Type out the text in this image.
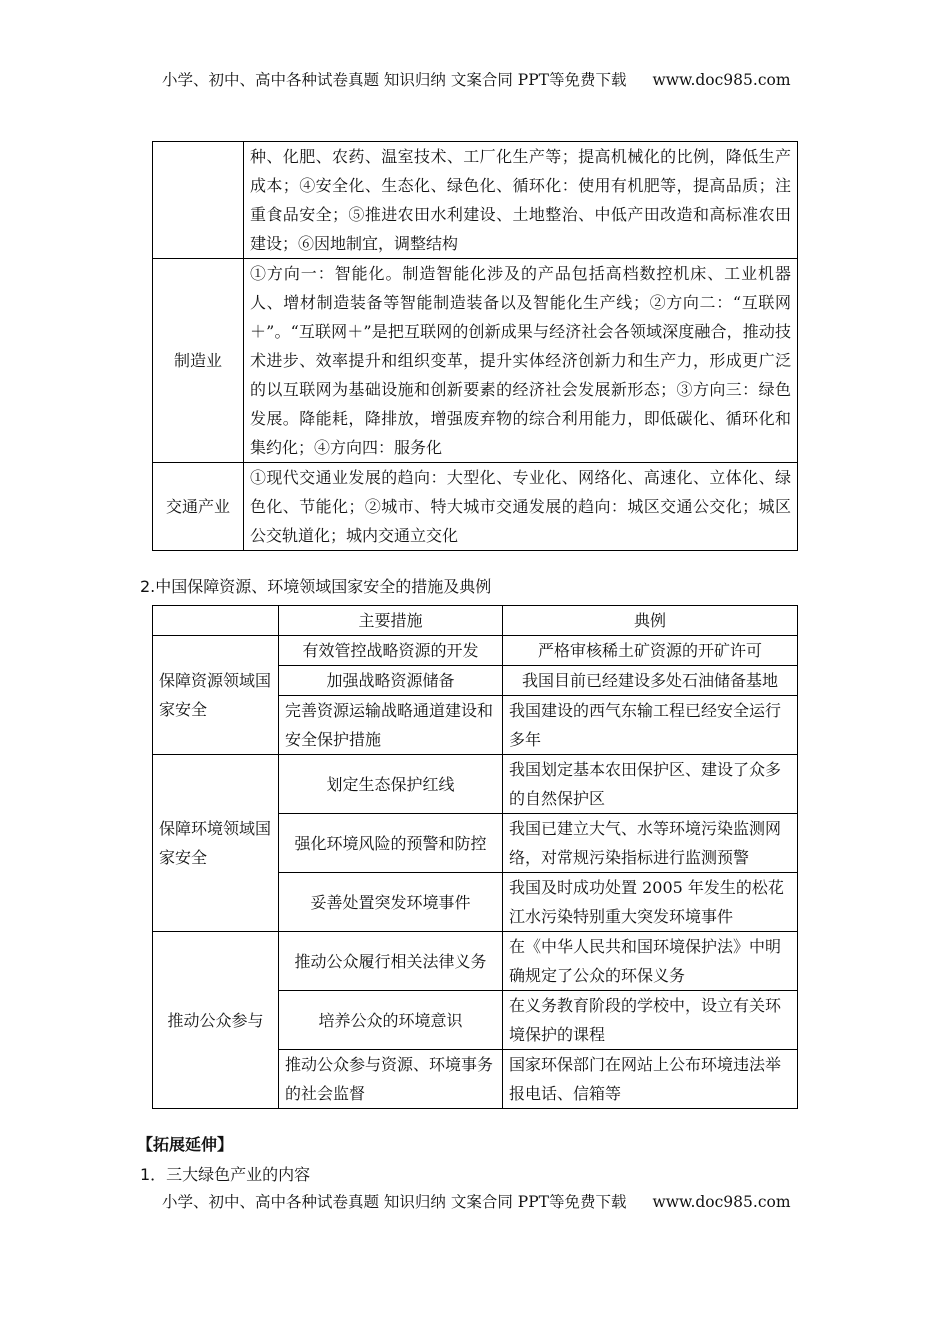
小学、初中、高中各种试卷真题 知识归纳 文案合同 PPT等免费下载 www.doc985.com
	种、化肥、农药、温室技术、工厂化生产等；提高机械化的比例，降低生产成本；④安全化、生态化、绿色化、循环化：使用有机肥等，提高品质；注重食品安全；⑤推进农田水利建设、土地整治、中低产田改造和高标准农田建设；⑥因地制宜，调整结构
制造业	①方向一：智能化。制造智能化涉及的产品包括高档数控机床、工业机器人、增材制造装备等智能制造装备以及智能化生产线；②方向二：“互联网＋”。“互联网＋”是把互联网的创新成果与经济社会各领域深度融合，推动技术进步、效率提升和组织变革，提升实体经济创新力和生产力，形成更广泛的以互联网为基础设施和创新要素的经济社会发展新形态；③方向三：绿色发展。降能耗，降排放，增强废弃物的综合利用能力，即低碳化、循环化和集约化；④方向四：服务化
交通产业	①现代交通业发展的趋向：大型化、专业化、网络化、高速化、立体化、绿色化、节能化；②城市、特大城市交通发展的趋向：城区交通公交化；城区公交轨道化；城内交通立交化
2.中国保障资源、环境领域国家安全的措施及典例
	主要措施	典例
保障资源领域国家安全	有效管控战略资源的开发	严格审核稀土矿资源的开矿许可
	加强战略资源储备	我国目前已经建设多处石油储备基地
	完善资源运输战略通道建设和安全保护措施	我国建设的西气东输工程已经安全运行多年
保障环境领域国家安全	划定生态保护红线	我国划定基本农田保护区、建设了众多的自然保护区
	强化环境风险的预警和防控	我国已建立大气、水等环境污染监测网络，对常规污染指标进行监测预警
	妥善处置突发环境事件	我国及时成功处置 2005 年发生的松花江水污染特别重大突发环境事件
推动公众参与	推动公众履行相关法律义务	在《中华人民共和国环境保护法》中明确规定了公众的环保义务
	培养公众的环境意识	在义务教育阶段的学校中，设立有关环境保护的课程
	推动公众参与资源、环境事务的社会监督	国家环保部门在网站上公布环境违法举报电话、信箱等
【拓展延伸】
1．三大绿色产业的内容
小学、初中、高中各种试卷真题 知识归纳 文案合同 PPT等免费下载 www.doc985.com
